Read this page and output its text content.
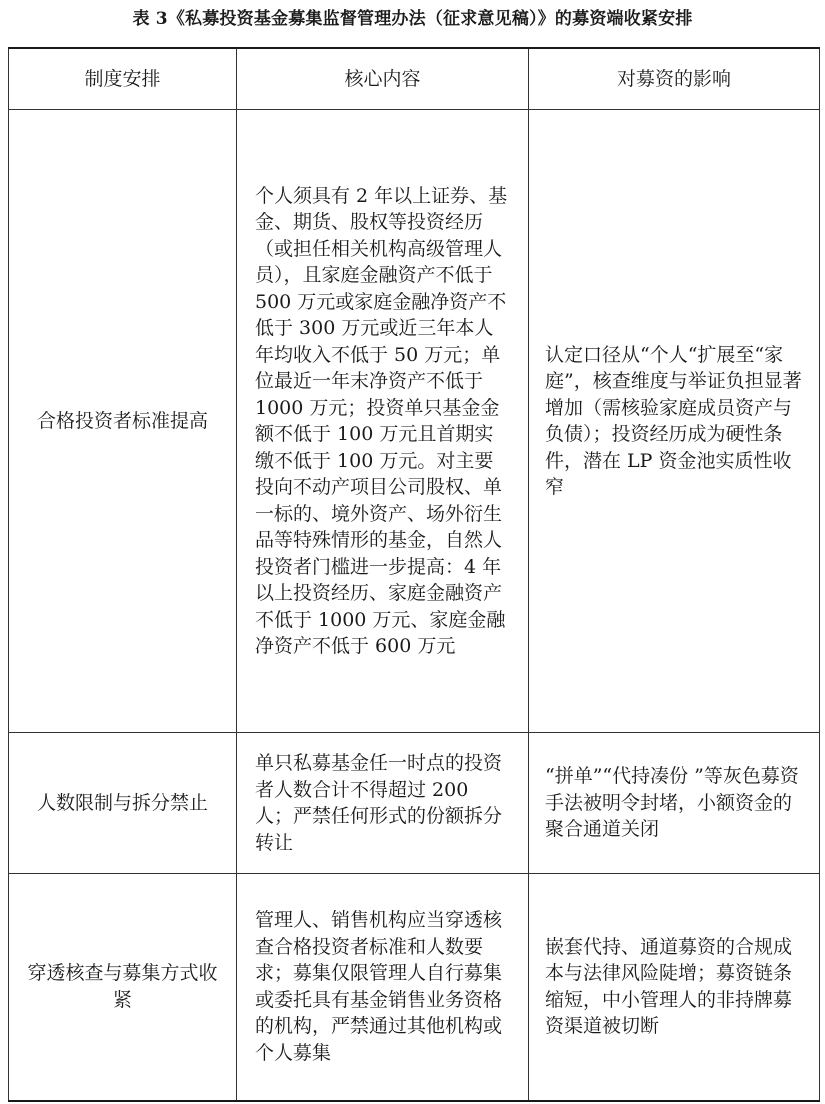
表 3《私募投资基金募集监督管理办法（征求意见稿）》的募资端收紧安排
制度安排	核心内容	对募资的影响
合格投资者标准提高	个人须具有 2 年以上证券、基金、期货、股权等投资经历（或担任相关机构高级管理人员），且家庭金融资产不低于 500 万元或家庭金融净资产不低于 300 万元或近三年本人年均收入不低于 50 万元；单位最近一年末净资产不低于 1000 万元；投资单只基金金额不低于 100 万元且首期实缴不低于 100 万元。对主要投向不动产项目公司股权、单一标的、境外资产、场外衍生品等特殊情形的基金，自然人投资者门槛进一步提高：4 年以上投资经历、家庭金融资产不低于 1000 万元、家庭金融净资产不低于 600 万元	认定口径从“个人“扩展至“家庭”，核查维度与举证负担显著增加（需核验家庭成员资产与负债）；投资经历成为硬性条件，潜在 LP 资金池实质性收窄
人数限制与拆分禁止	单只私募基金任一时点的投资者人数合计不得超过 200 人；严禁任何形式的份额拆分转让	“拼单”“代持凑份 ”等灰色募资手法被明令封堵，小额资金的聚合通道关闭
穿透核查与募集方式收紧	管理人、销售机构应当穿透核查合格投资者标准和人数要求；募集仅限管理人自行募集或委托具有基金销售业务资格的机构，严禁通过其他机构或个人募集	嵌套代持、通道募资的合规成本与法律风险陡增；募资链条缩短，中小管理人的非持牌募资渠道被切断
